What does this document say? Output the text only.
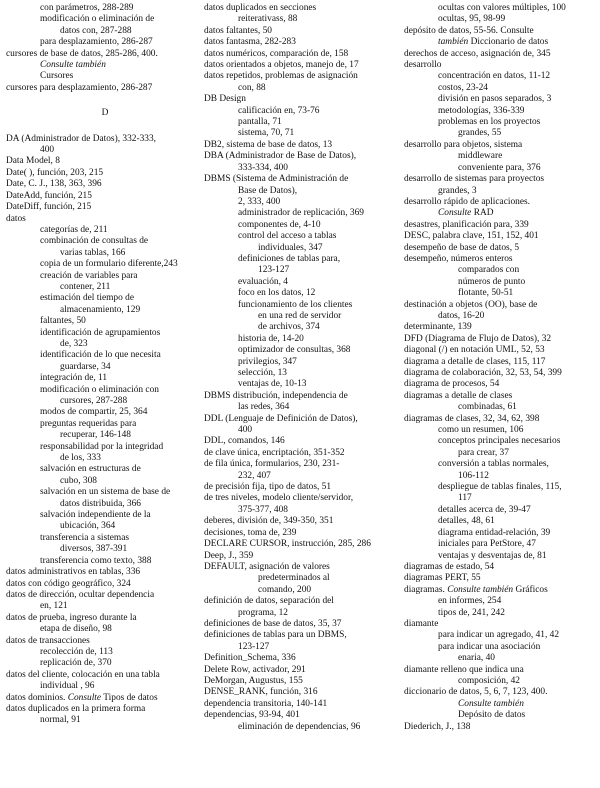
con parámetros, 288-289
modificación o eliminación de
datos con, 287-288
para desplazamiento, 286-287
cursores de base de datos, 285-286, 400.
Consulte también
Cursores
cursores para desplazamiento, 286-287
D
DA (Administrador de Datos), 332-333,
400
Data Model, 8
Date( ), función, 203, 215
Date, C. J., 138, 363, 396
DateAdd, función, 215
DateDiff, función, 215
datos
categorías de, 211
combinación de consultas de
varias tablas, 166
copia de un formulario diferente,243
creación de variables para
contener, 211
estimación del tiempo de
almacenamiento, 129
faltantes, 50
identificación de agrupamientos
de, 323
identificación de lo que necesita
guardarse, 34
integración de, 11
modificación o eliminación con
cursores, 287-288
modos de compartir, 25, 364
preguntas requeridas para
recuperar, 146-148
responsabilidad por la integridad
de los, 333
salvación en estructuras de
cubo, 308
salvación en un sistema de base de
datos distribuida, 366
salvación independiente de la
ubicación, 364
transferencia a sistemas
diversos, 387-391
transferencia como texto, 388
datos administrativos en tablas, 336
datos con código geográfico, 324
datos de dirección, ocultar dependencia
en, 121
datos de prueba, ingreso durante la
etapa de diseño, 98
datos de transacciones
recolección de, 113
replicación de, 370
datos del cliente, colocación en una tabla
individual , 96
datos dominios. Consulte Tipos de datos
datos duplicados en la primera forma
normal, 91
datos duplicados en secciones
reiterativass, 88
datos faltantes, 50
datos fantasma, 282-283
datos numéricos, comparación de, 158
datos orientados a objetos, manejo de, 17
datos repetidos, problemas de asignación
con, 88
DB Design
calificación en, 73-76
pantalla, 71
sistema, 70, 71
DB2, sistema de base de datos, 13
DBA (Administrador de Base de Datos),
333-334, 400
DBMS (Sistema de Administración de
Base de Datos),
2, 333, 400
administrador de replicación, 369
componentes de, 4-10
control del acceso a tablas
individuales, 347
definiciones de tablas para,
123-127
evaluación, 4
foco en los datos, 12
funcionamiento de los clientes
en una red de servidor
de archivos, 374
historia de, 14-20
optimizador de consultas, 368
privilegios, 347
selección, 13
ventajas de, 10-13
DBMS distribución, independencia de
las redes, 364
DDL (Lenguaje de Definición de Datos),
400
DDL, comandos, 146
de clave única, encriptación, 351-352
de fila única, formularios, 230, 231-
232, 407
de precisión fija, tipo de datos, 51
de tres niveles, modelo cliente/servidor,
375-377, 408
deberes, división de, 349-350, 351
decisiones, toma de, 239
DECLARE CURSOR, instrucción, 285, 286
Deep, J., 359
DEFAULT, asignación de valores
predeterminados al
comando, 200
definición de datos, separación del
programa, 12
definiciones de base de datos, 35, 37
definiciones de tablas para un DBMS,
123-127
Definition_Schema, 336
Delete Row, activador, 291
DeMorgan, Augustus, 155
DENSE_RANK, función, 316
dependencia transitoria, 140-141
dependencias, 93-94, 401
eliminación de dependencias, 96
ocultas con valores múltiples, 100
ocultas, 95, 98-99
depósito de datos, 55-56. Consulte
también Diccionario de datos
derechos de acceso, asignación de, 345
desarrollo
concentración en datos, 11-12
costos, 23-24
división en pasos separados, 3
metodologías, 336-339
problemas en los proyectos
grandes, 55
desarrollo para objetos, sistema
middleware
conveniente para, 376
desarrollo de sistemas para proyectos
grandes, 3
desarrollo rápido de aplicaciones.
Consulte RAD
desastres, planificación para, 339
DESC, palabra clave, 151, 152, 401
desempeño de base de datos, 5
desempeño, números enteros
comparados con
números de punto
flotante, 50-51
destinación a objetos (OO), base de
datos, 16-20
determinante, 139
DFD (Diagrama de Flujo de Datos), 32
diagonal (/) en notación UML, 52, 53
diagrama a detalle de clases, 115, 117
diagrama de colaboración, 32, 53, 54, 399
diagrama de procesos, 54
diagramas a detalle de clases
combinadas, 61
diagramas de clases, 32, 34, 62, 398
como un resumen, 106
conceptos principales necesarios
para crear, 37
conversión a tablas normales,
106-112
despliegue de tablas finales, 115,
117
detalles acerca de, 39-47
detalles, 48, 61
diagrama entidad-relación, 39
iniciales para PetStore, 47
ventajas y desventajas de, 81
diagramas de estado, 54
diagramas PERT, 55
diagramas. Consulte también Gráficos
en informes, 254
tipos de, 241, 242
diamante
para indicar un agregado, 41, 42
para indicar una asociación
enaria, 40
diamante relleno que indica una
composición, 42
diccionario de datos, 5, 6, 7, 123, 400.
Consulte también
Depósito de datos
Diederich, J., 138
